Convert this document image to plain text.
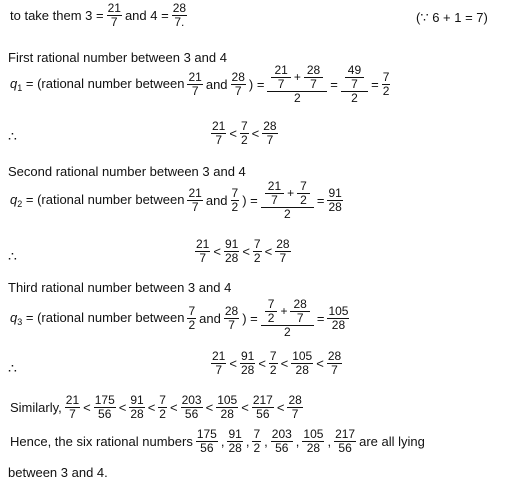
to take them $3 = \frac{21}{7}$ and $4 = \frac{28}{7.}$	(∵ 6 + 1 = 7)
First rational number between 3 and 4
$q_1$ = (rational number between $\frac{21}{7}$ and $\frac{28}{7}$ ) = $\frac{\frac{21}{7} + \frac{28}{7}}{2} = \frac{\frac{49}{7}}{2} = \frac{7}{2}$
∴	$\frac{21}{7} < \frac{7}{2} < \frac{28}{7}$
Second rational number between 3 and 4
$q_2$ = (rational number between $\frac{21}{7}$ and $\frac{7}{2}$ ) = $\frac{\frac{21}{7} + \frac{7}{2}}{2} = \frac{91}{28}$
∴	$\frac{21}{7} < \frac{91}{28} < \frac{7}{2} < \frac{28}{7}$
Third rational number between 3 and 4
$q_3$ = (rational number between $\frac{7}{2}$ and $\frac{28}{7}$ ) = $\frac{\frac{7}{2} + \frac{28}{7}}{2} = \frac{105}{28}$
∴	$\frac{21}{7} < \frac{91}{28} < \frac{7}{2} < \frac{105}{28} < \frac{28}{7}$
Similarly, $\frac{21}{7} < \frac{175}{56} < \frac{91}{28} < \frac{7}{2} < \frac{203}{56} < \frac{105}{28} < \frac{217}{56} < \frac{28}{7}$
Hence, the six rational numbers $\frac{175}{56}$ , $\frac{91}{28}$ , $\frac{7}{2}$ , $\frac{203}{56}$ , $\frac{105}{28}$ , $\frac{217}{56}$ are all lying
between 3 and 4.
